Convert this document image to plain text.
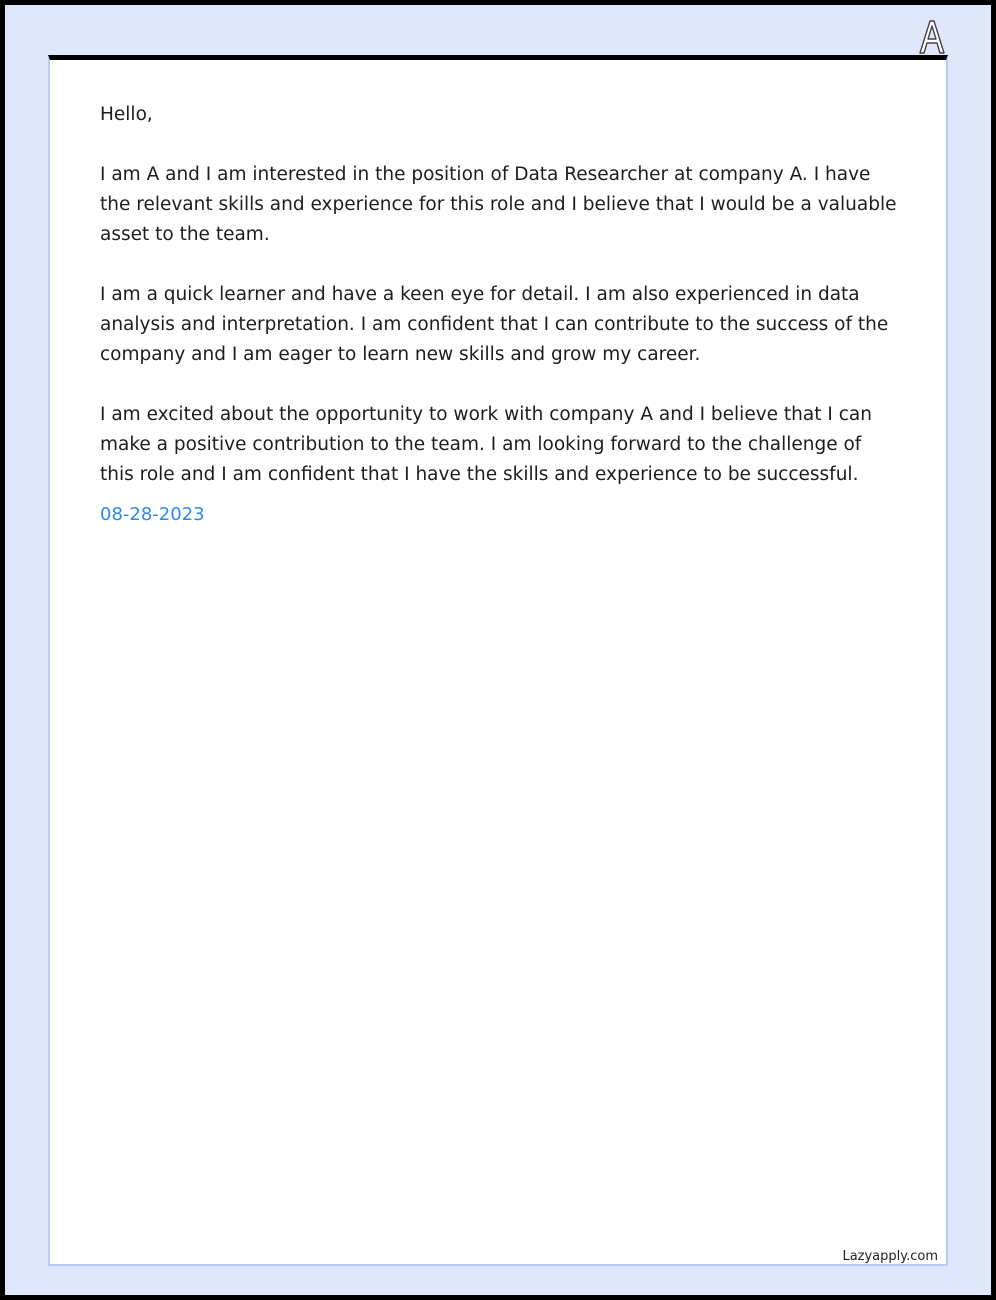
Hello,

I am A and I am interested in the position of Data Researcher at company A. I have the relevant skills and experience for this role and I believe that I would be a valuable asset to the team.

I am a quick learner and have a keen eye for detail. I am also experienced in data analysis and interpretation. I am confident that I can contribute to the success of the company and I am eager to learn new skills and grow my career.

I am excited about the opportunity to work with company A and I believe that I can make a positive contribution to the team. I am looking forward to the challenge of this role and I am confident that I have the skills and experience to be successful.

08-28-2023
Lazyapply.com
